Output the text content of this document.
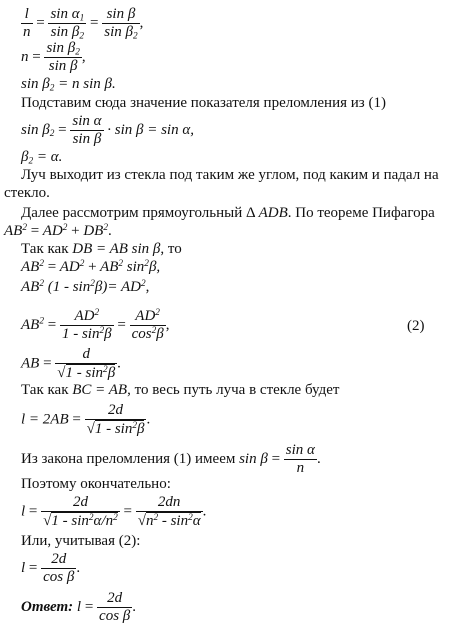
$\frac{l}{n} = \frac{\sin \alpha_1}{\sin \beta_2} = \frac{\text{sin β}}{\sin \beta_2}$ ,
$n = \frac{\sin \beta_2}{\text{sin β}}$ ,
$\sin \beta_2 = n$ sin β.
Подставим сюда значение показателя преломления из (1)
$\sin \beta_2 = \frac{\text{sin α}}{\text{sin β}} \cdot \sin \beta = \sin \alpha$,
$\beta_2 = \alpha$.
Луч выходит из стекла под таким же углом, под каким и падал на
стекло.
Далее рассмотрим прямоугольный Δ ADB. По теореме Пифагора
$AB^2 = AD^2 + DB^2$.
Так как DB = AB sin β, то
$AB^2 = AD^2 + AB^2$ $\sin^2\beta$,
$AB^2$ $(1 - \sin^2\beta)= AD^2$,
$AB^2 = \frac{AD^2}{1 - \sin^2\beta} = \frac{AD^2}{\cos^2\beta}$ ,	(2)
AB = $\frac{d}{√1 - \sin^2\beta}$ .
Так как BC = AB, то весь путь луча в стекле будет
$l = 2AB = \frac{2d}{√1 - \sin^2\beta}$ .
Из закона преломления (1) имеем $\sin \beta = \frac{\text{sin α}}{n}$ .
Поэтому окончательно:
$l = \frac{2d}{√1 - \sin^2\alpha/n^2} = \frac{2dn}{√n^2 - \sin^2\alpha}$ .
Или, учитывая (2):
$l = \frac{2d}{\text{cos β}}$ .
Ответ: $l = \frac{2d}{\text{cos β}}$ .
